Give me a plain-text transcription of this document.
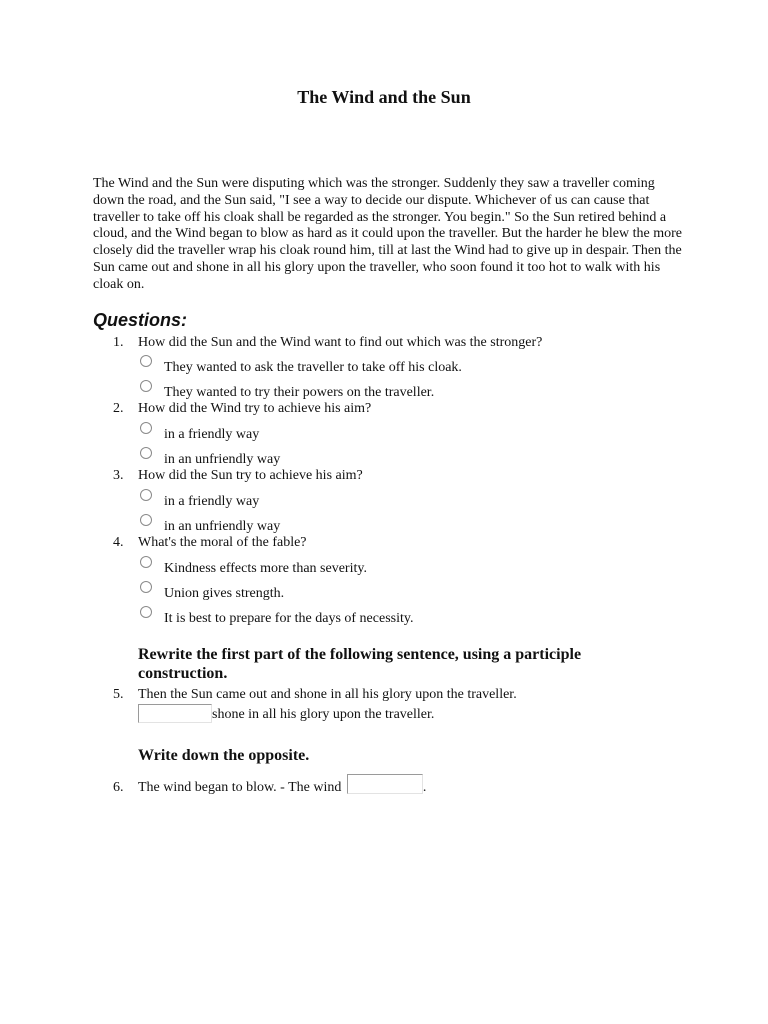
The Wind and the Sun

The Wind and the Sun were disputing which was the stronger. Suddenly they saw a traveller coming down the road, and the Sun said, "I see a way to decide our dispute. Whichever of us can cause that traveller to take off his cloak shall be regarded as the stronger. You begin." So the Sun retired behind a cloud, and the Wind began to blow as hard as it could upon the traveller. But the harder he blew the more closely did the traveller wrap his cloak round him, till at last the Wind had to give up in despair. Then the Sun came out and shone in all his glory upon the traveller, who soon found it too hot to walk with his cloak on.

Questions:
1. How did the Sun and the Wind want to find out which was the stronger?
They wanted to ask the traveller to take off his cloak.
They wanted to try their powers on the traveller.
2. How did the Wind try to achieve his aim?
in a friendly way
in an unfriendly way
3. How did the Sun try to achieve his aim?
in a friendly way
in an unfriendly way
4. What's the moral of the fable?
Kindness effects more than severity.
Union gives strength.
It is best to prepare for the days of necessity.

Rewrite the first part of the following sentence, using a participle construction.

5. Then the Sun came out and shone in all his glory upon the traveller.
shone in all his glory upon the traveller.

Write down the opposite.

6. The wind began to blow. - The wind	.
